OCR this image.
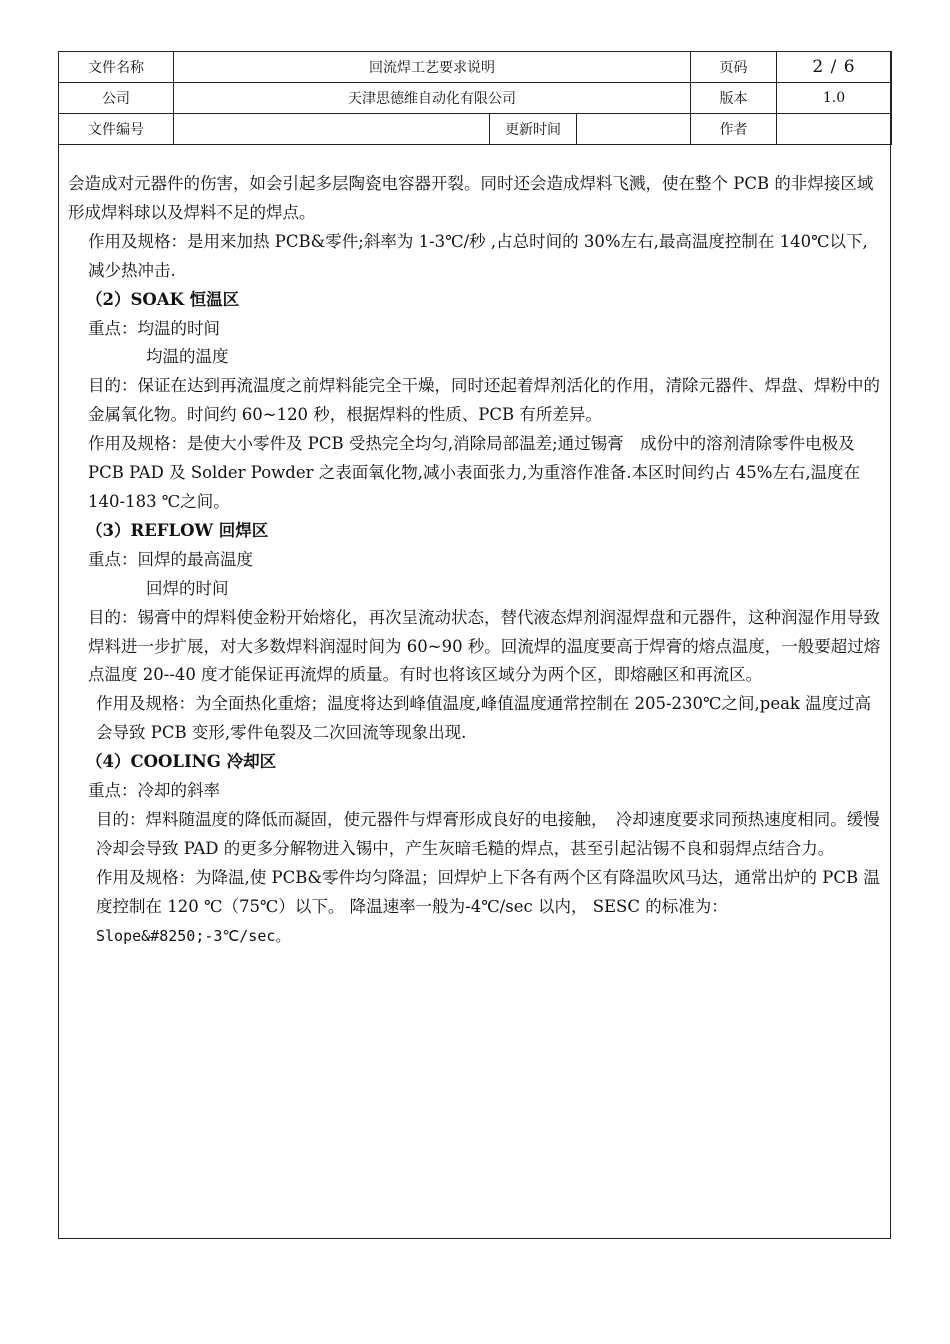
文件名称	回流焊工艺要求说明			页码	2 / 6
公司	天津思德维自动化有限公司			版本	1.0
文件编号		更新时间		作者	

会造成对元器件的伤害，如会引起多层陶瓷电容器开裂。同时还会造成焊料飞溅，使在整个 PCB 的非焊接区域形成焊料球以及焊料不足的焊点。

作用及规格：是用来加热 PCB&零件;斜率为 1-3℃/秒 ,占总时间的 30%左右,最高温度控制在 140℃以下,减少热冲击.

（2）SOAK 恒温区

重点：均温的时间

均温的温度

目的：保证在达到再流温度之前焊料能完全干燥，同时还起着焊剂活化的作用，清除元器件、焊盘、焊粉中的金属氧化物。时间约 60~120 秒，根据焊料的性质、PCB 有所差异。

作用及规格：是使大小零件及 PCB 受热完全均匀,消除局部温差;通过锡膏　成份中的溶剂清除零件电极及 PCB PAD 及 Solder Powder 之表面氧化物,减小表面张力,为重溶作准备.本区时间约占 45%左右,温度在 140-183 ℃之间。

（3）REFLOW 回焊区

重点：回焊的最高温度

回焊的时间

目的：锡膏中的焊料使金粉开始熔化，再次呈流动状态，替代液态焊剂润湿焊盘和元器件，这种润湿作用导致焊料进一步扩展，对大多数焊料润湿时间为 60~90 秒。回流焊的温度要高于焊膏的熔点温度，一般要超过熔点温度 20--40 度才能保证再流焊的质量。有时也将该区域分为两个区，即熔融区和再流区。

作用及规格：为全面热化重熔；温度将达到峰值温度,峰值温度通常控制在 205-230℃之间,peak 温度过高会导致 PCB 变形,零件龟裂及二次回流等现象出现.

（4）COOLING 冷却区

重点：冷却的斜率

目的：焊料随温度的降低而凝固，使元器件与焊膏形成良好的电接触，　冷却速度要求同预热速度相同。缓慢冷却会导致 PAD 的更多分解物进入锡中，产生灰暗毛糙的焊点，甚至引起沾锡不良和弱焊点结合力。

作用及规格：为降温,使 PCB&零件均匀降温；回焊炉上下各有两个区有降温吹风马达，通常出炉的 PCB 温度控制在 120 ℃（75℃）以下。 降温速率一般为-4℃/sec 以内， SESC 的标准为：Slope&#8250;-3℃/sec。
